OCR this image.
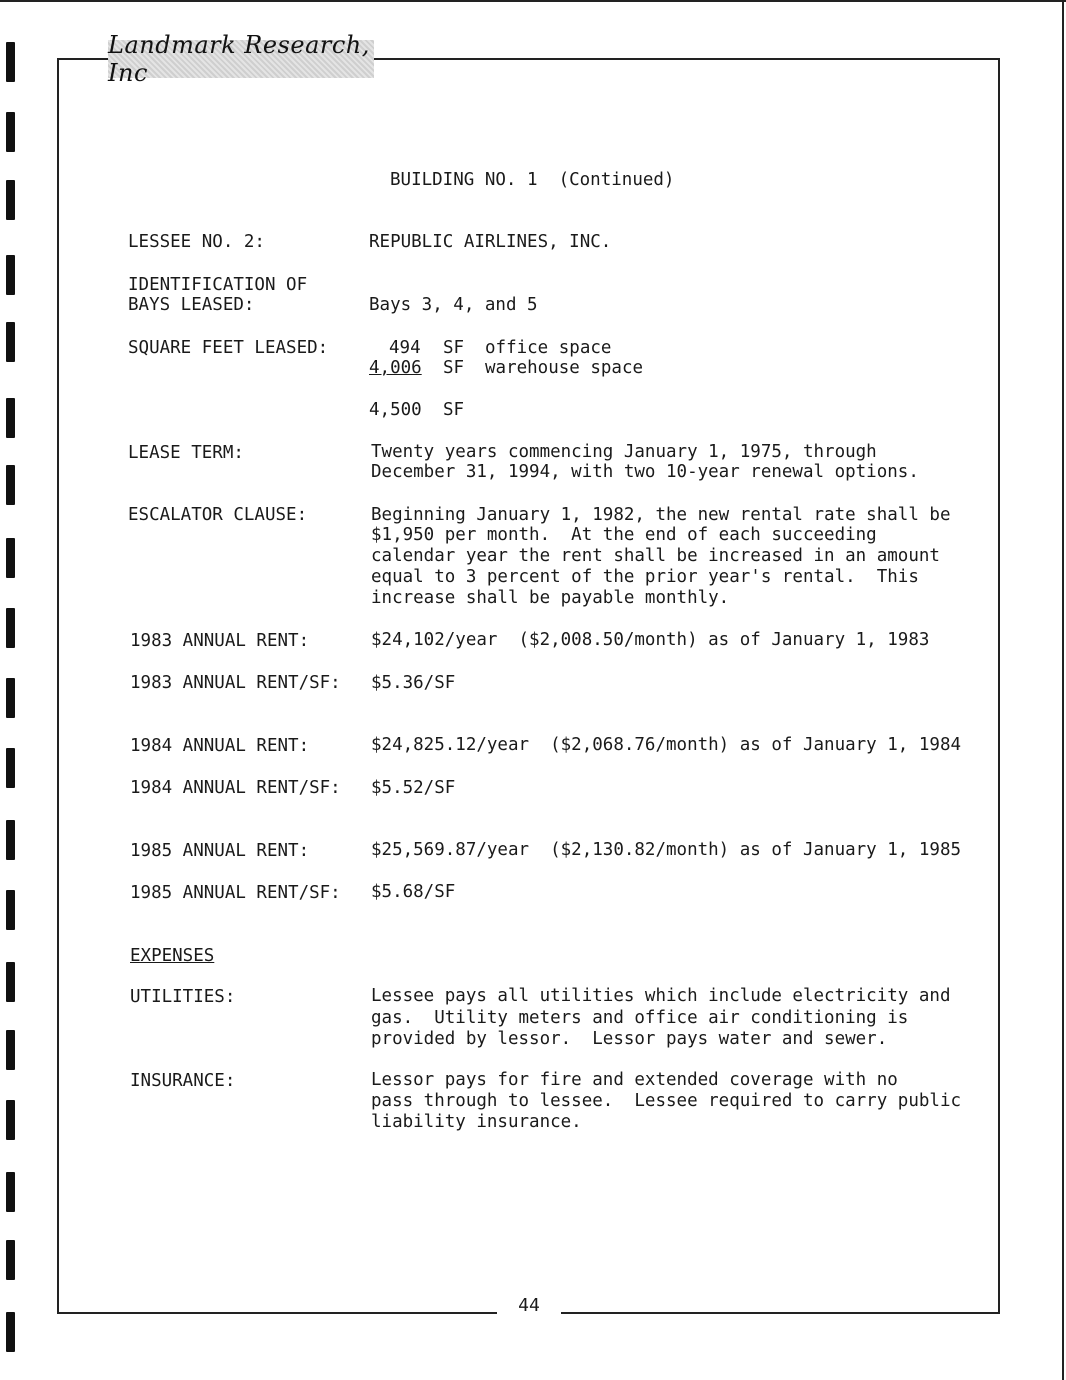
Landmark Research, Inc
BUILDING NO. 1  (Continued)
LESSEE NO. 2:	REPUBLIC AIRLINES, INC.
IDENTIFICATION OF
BAYS LEASED:	Bays 3, 4, and 5
SQUARE FEET LEASED:	494 SF office space
4,006 SF warehouse space
4,500 SF
LEASE TERM:	Twenty years commencing January 1, 1975, through
December 31, 1994, with two 10-year renewal options.
ESCALATOR CLAUSE:	Beginning January 1, 1982, the new rental rate shall be
$1,950 per month.  At the end of each succeeding
calendar year the rent shall be increased in an amount
equal to 3 percent of the prior year's rental.  This
increase shall be payable monthly.
1983 ANNUAL RENT:	$24,102/year  ($2,008.50/month) as of January 1, 1983
1983 ANNUAL RENT/SF: $5.36/SF
1984 ANNUAL RENT:	$24,825.12/year  ($2,068.76/month) as of January 1, 1984
1984 ANNUAL RENT/SF: $5.52/SF
1985 ANNUAL RENT:	$25,569.87/year  ($2,130.82/month) as of January 1, 1985
1985 ANNUAL RENT/SF: $5.68/SF
EXPENSES
UTILITIES:	Lessee pays all utilities which include electricity and
gas.  Utility meters and office air conditioning is
provided by lessor.  Lessor pays water and sewer.
INSURANCE:	Lessor pays for fire and extended coverage with no
pass through to lessee.  Lessee required to carry public
liability insurance.
44
